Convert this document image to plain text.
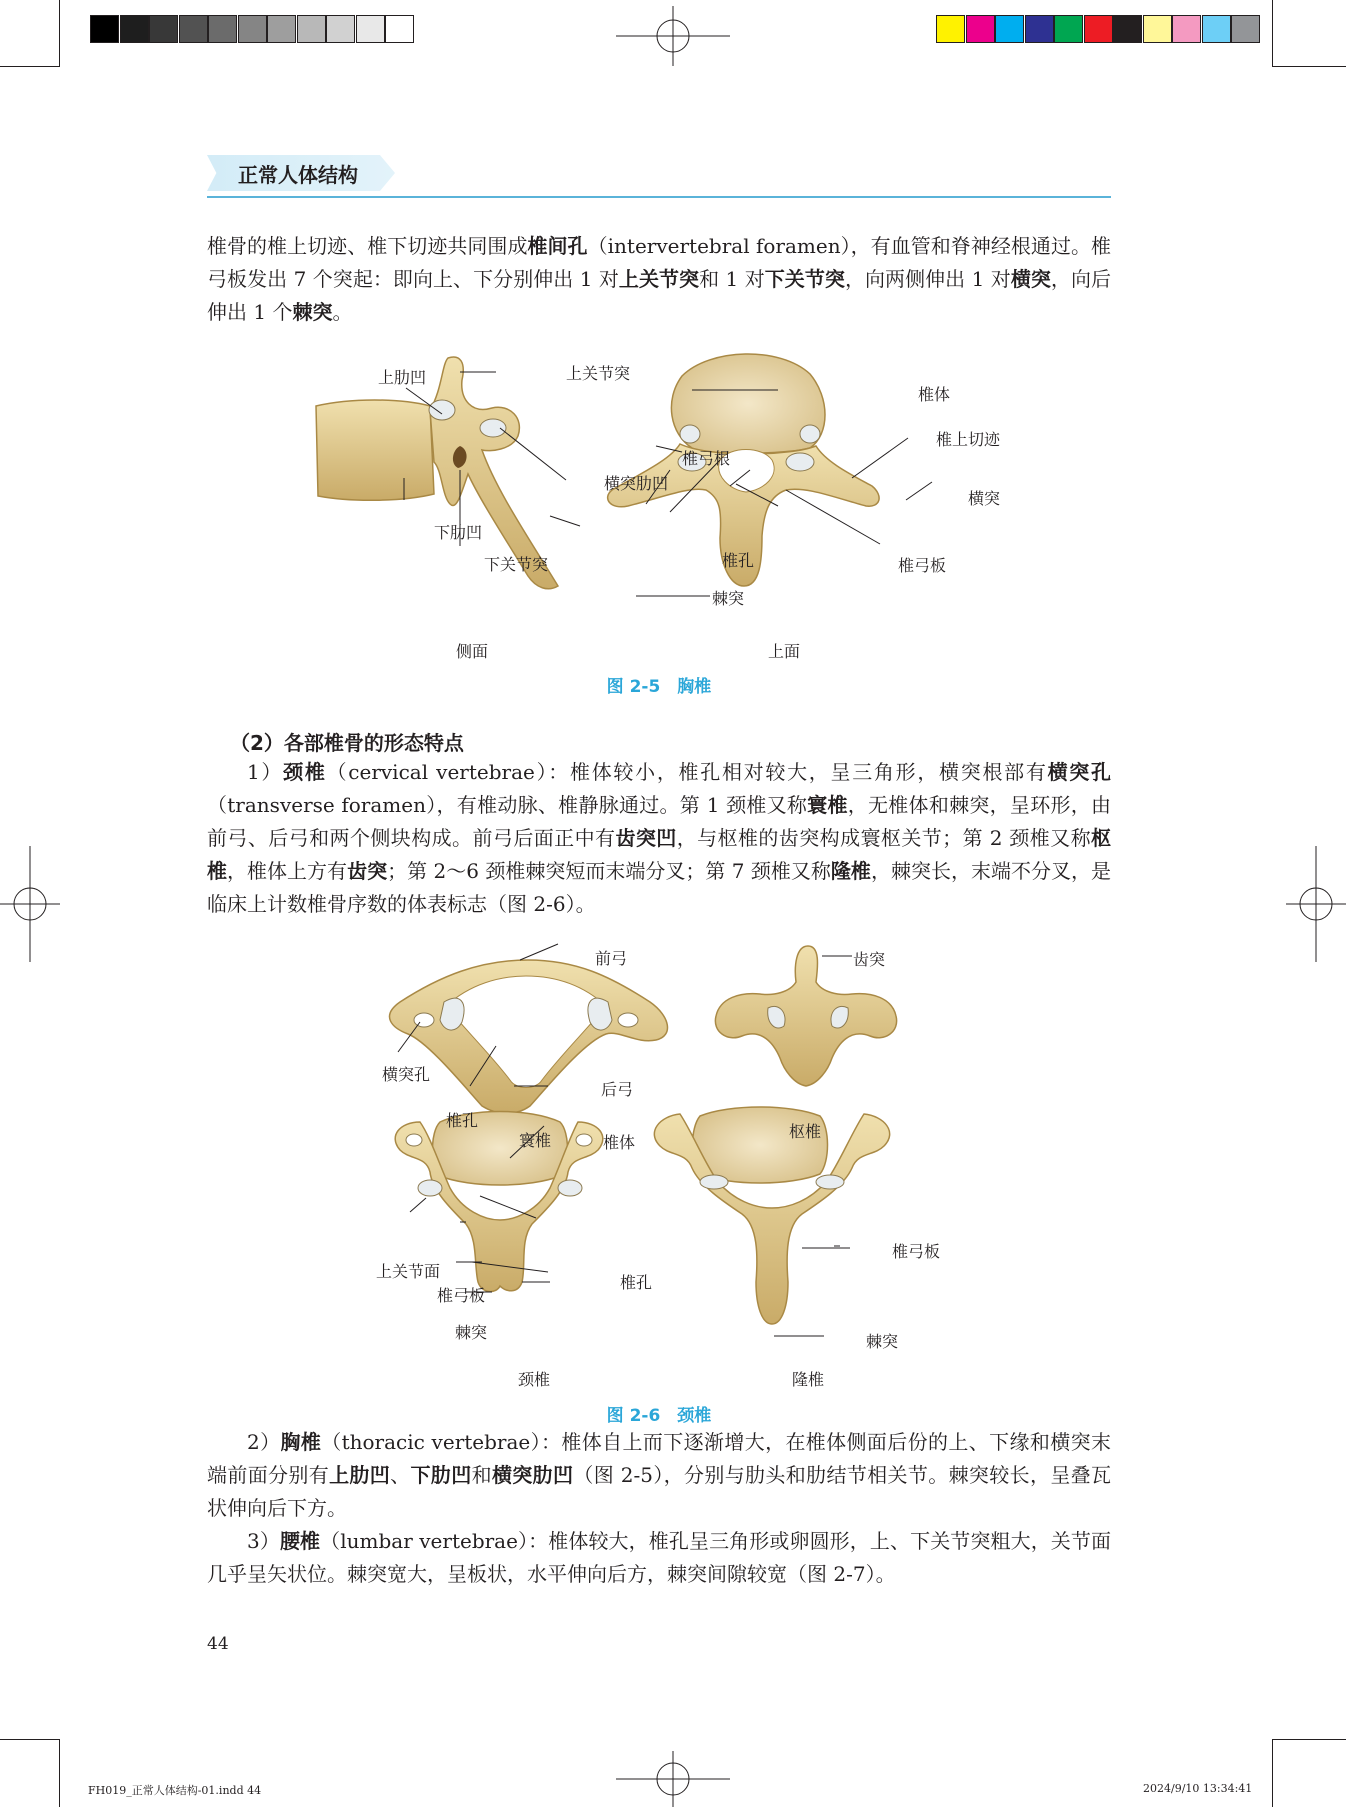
正常人体结构
椎骨的椎上切迹、椎下切迹共同围成椎间孔（intervertebral foramen），有血管和脊神经根通过。椎弓板发出 7 个突起：即向上、下分别伸出 1 对上关节突和 1 对下关节突，向两侧伸出 1 对横突，向后伸出 1 个棘突。
上肋凹	上关节突
横突肋凹
下肋凹
下关节突
椎体
椎上切迹
椎弓根
横突
椎孔	椎弓板
棘突
侧面	上面
图 2-5　胸椎
（2）各部椎骨的形态特点
1）颈椎（cervical vertebrae）：椎体较小，椎孔相对较大，呈三角形，横突根部有横突孔（transverse foramen），有椎动脉、椎静脉通过。第 1 颈椎又称寰椎，无椎体和棘突，呈环形，由前弓、后弓和两个侧块构成。前弓后面正中有齿突凹，与枢椎的齿突构成寰枢关节；第 2 颈椎又称枢椎，椎体上方有齿突；第 2～6 颈椎棘突短而末端分叉；第 7 颈椎又称隆椎，棘突长，末端不分叉，是临床上计数椎骨序数的体表标志（图 2-6）。
前弓	齿突
横突孔
后弓
椎孔
椎体
上关节面
椎弓板
椎孔
棘突
椎弓板
棘突
寰椎	枢椎
颈椎	隆椎
图 2-6　颈椎
2）胸椎（thoracic vertebrae）：椎体自上而下逐渐增大，在椎体侧面后份的上、下缘和横突末端前面分别有上肋凹、下肋凹和横突肋凹（图 2-5），分别与肋头和肋结节相关节。棘突较长，呈叠瓦状伸向后下方。
3）腰椎（lumbar vertebrae）：椎体较大，椎孔呈三角形或卵圆形，上、下关节突粗大，关节面几乎呈矢状位。棘突宽大，呈板状，水平伸向后方，棘突间隙较宽（图 2-7）。
44
FH019_正常人体结构-01.indd 44	2024/9/10 13:34:41
